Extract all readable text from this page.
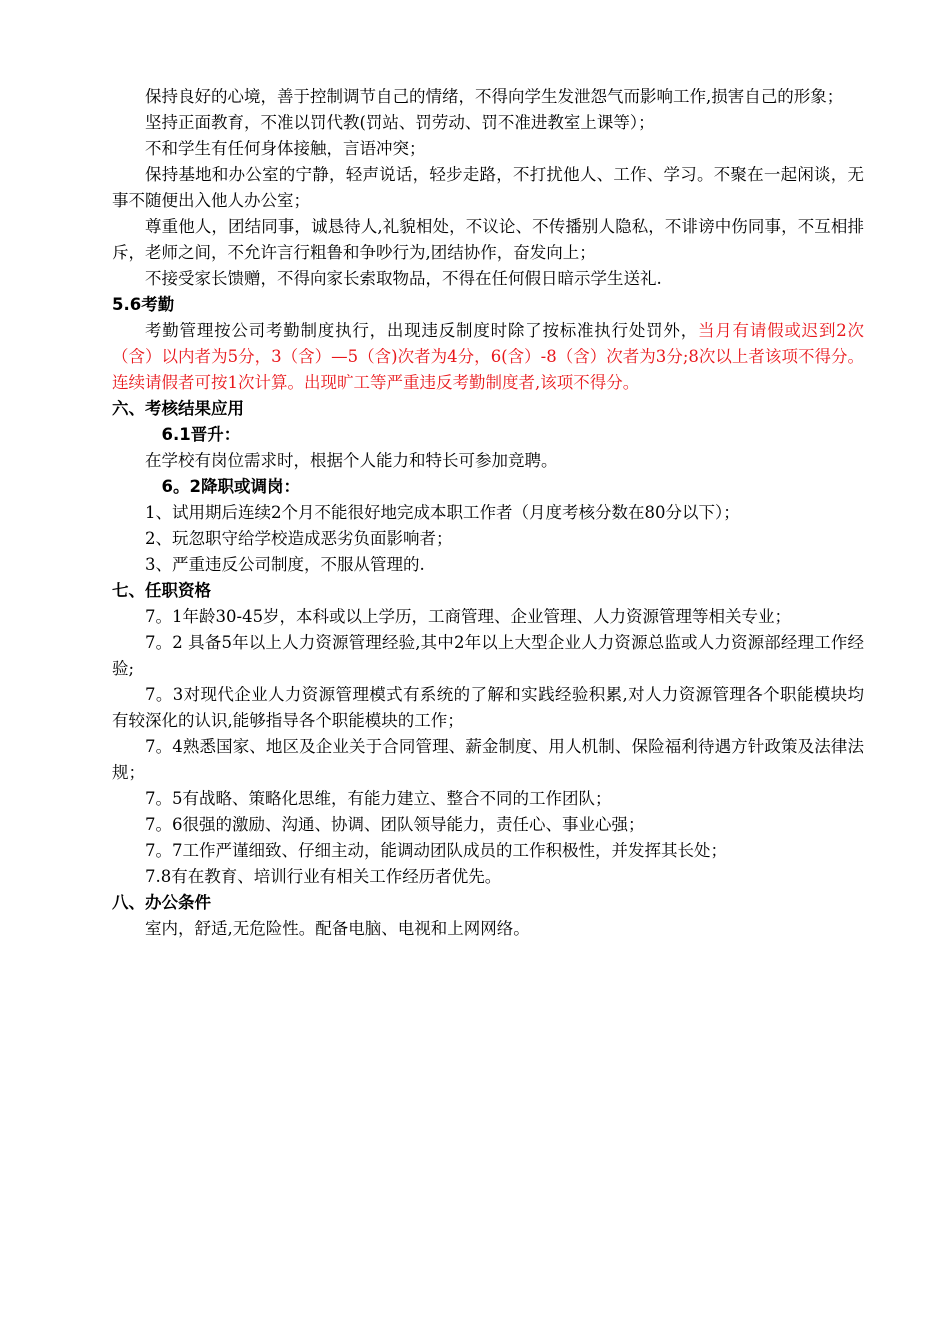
保持良好的心境，善于控制调节自己的情绪，不得向学生发泄怨气而影响工作,损害自己的形象；

坚持正面教育，不准以罚代教(罚站、罚劳动、罚不准进教室上课等）；

不和学生有任何身体接触，言语冲突；

保持基地和办公室的宁静，轻声说话，轻步走路，不打扰他人、工作、学习。不聚在一起闲谈，无事不随便出入他人办公室；

尊重他人，团结同事，诚恳待人,礼貌相处，不议论、不传播别人隐私，不诽谤中伤同事，不互相排斥，老师之间，不允许言行粗鲁和争吵行为,团结协作，奋发向上；

不接受家长馈赠，不得向家长索取物品，不得在任何假日暗示学生送礼.

5.6考勤

考勤管理按公司考勤制度执行，出现违反制度时除了按标准执行处罚外，当月有请假或迟到2次（含）以内者为5分，3（含）—5（含)次者为4分，6(含）-8（含）次者为3分;8次以上者该项不得分。连续请假者可按1次计算。出现旷工等严重违反考勤制度者,该项不得分。

六、考核结果应用

6.1晋升：

在学校有岗位需求时，根据个人能力和特长可参加竞聘。

6。2降职或调岗：

1、试用期后连续2个月不能很好地完成本职工作者（月度考核分数在80分以下）；

2、玩忽职守给学校造成恶劣负面影响者；

3、严重违反公司制度，不服从管理的.

七、任职资格

7。1年龄30-45岁，本科或以上学历，工商管理、企业管理、人力资源管理等相关专业；

7。2 具备5年以上人力资源管理经验,其中2年以上大型企业人力资源总监或人力资源部经理工作经验;

7。3对现代企业人力资源管理模式有系统的了解和实践经验积累,对人力资源管理各个职能模块均有较深化的认识,能够指导各个职能模块的工作；

7。4熟悉国家、地区及企业关于合同管理、薪金制度、用人机制、保险福利待遇方针政策及法律法规；

7。5有战略、策略化思维，有能力建立、整合不同的工作团队；

7。6很强的激励、沟通、协调、团队领导能力，责任心、事业心强；

7。7工作严谨细致、仔细主动，能调动团队成员的工作积极性，并发挥其长处；

7.8有在教育、培训行业有相关工作经历者优先。

八、办公条件

室内，舒适,无危险性。配备电脑、电视和上网网络。
